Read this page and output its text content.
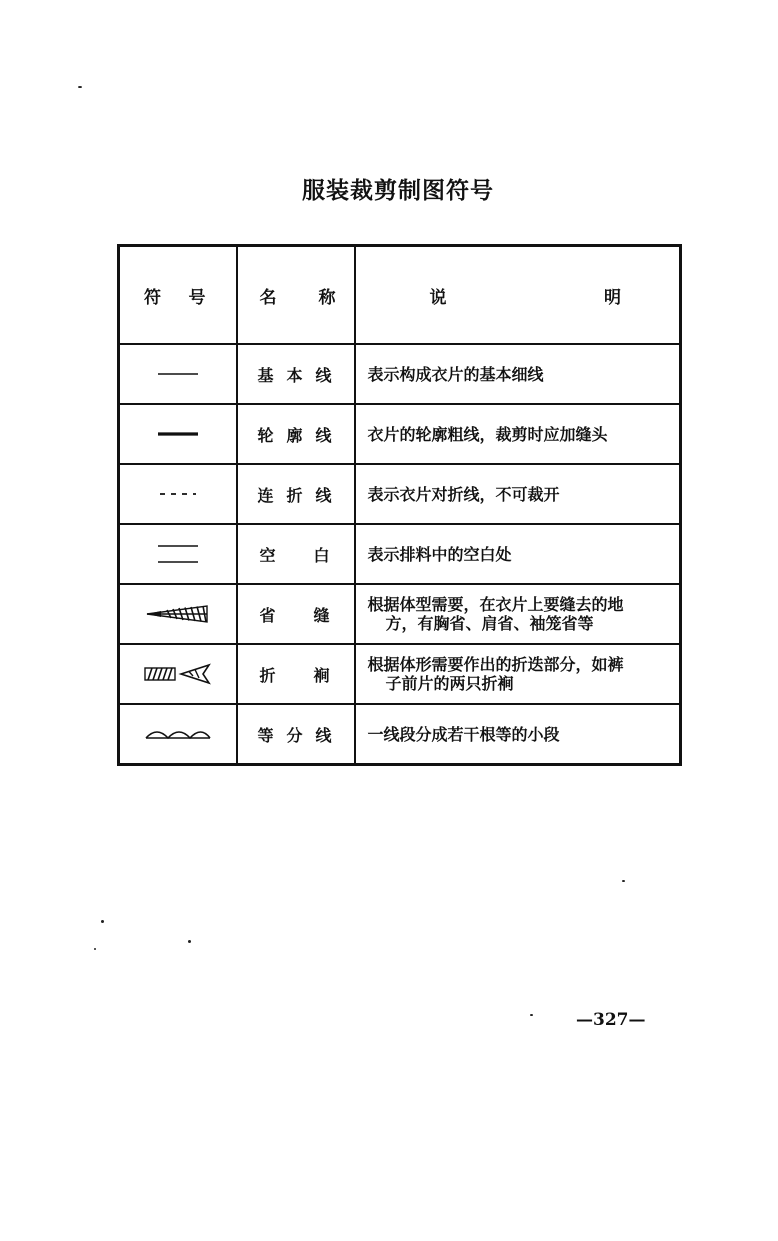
服装裁剪制图符号
符 号	名 称	说 明

基 本 线	表示构成衣片的基本细线

轮 廓 线	衣片的轮廓粗线，裁剪时应加缝头

连 折 线	表示衣片对折线，不可裁开

空 白	表示排料中的空白处

省 缝	根据体型需要，在衣片上要缝去的地
方，有胸省、肩省、袖笼省等

折 裥	根据体形需要作出的折迭部分，如裤
子前片的两只折裥

等 分 线	一线段分成若干根等的小段
—327—
